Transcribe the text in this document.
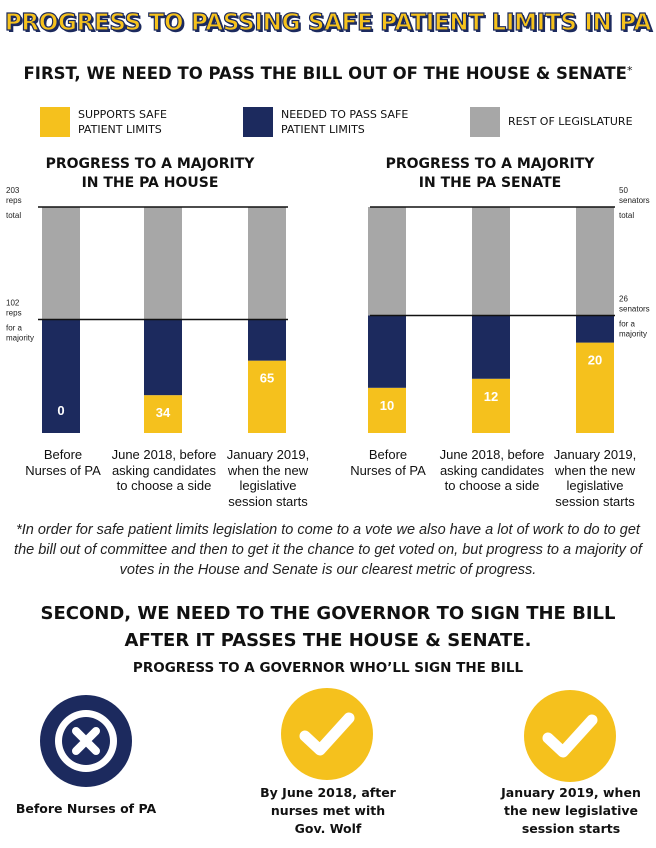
PROGRESS TO PASSING SAFE PATIENT LIMITS IN PA
FIRST, WE NEED TO PASS THE BILL OUT OF THE HOUSE & SENATE*
SUPPORTS SAFE PATIENT LIMITS
NEEDED TO PASS SAFE PATIENT LIMITS
REST OF LEGISLATURE
PROGRESS TO A MAJORITY
IN THE PA HOUSE
0	34
65
203
reps
total
102
reps
for a
majority
PROGRESS TO A MAJORITY
IN THE PA SENATE
10
12
20
50
senators
total
26
senators
for a
majority
Before
Nurses of PA
June 2018, before
asking candidates
to choose a side
January 2019,
when the new
legislative
session starts
Before
Nurses of PA
June 2018, before
asking candidates
to choose a side
January 2019,
when the new
legislative
session starts
*In order for safe patient limits legislation to come to a vote we also have a lot of work to do to get the bill out of committee and then to get it the chance to get voted on, but progress to a majority of votes in the House and Senate is our clearest metric of progress.
SECOND, WE NEED TO THE GOVERNOR TO SIGN THE BILL
AFTER IT PASSES THE HOUSE & SENATE.
PROGRESS TO A GOVERNOR WHO’LL SIGN THE BILL
Before Nurses of PA
By June 2018, after
nurses met with
Gov. Wolf
January 2019, when
the new legislative
session starts
